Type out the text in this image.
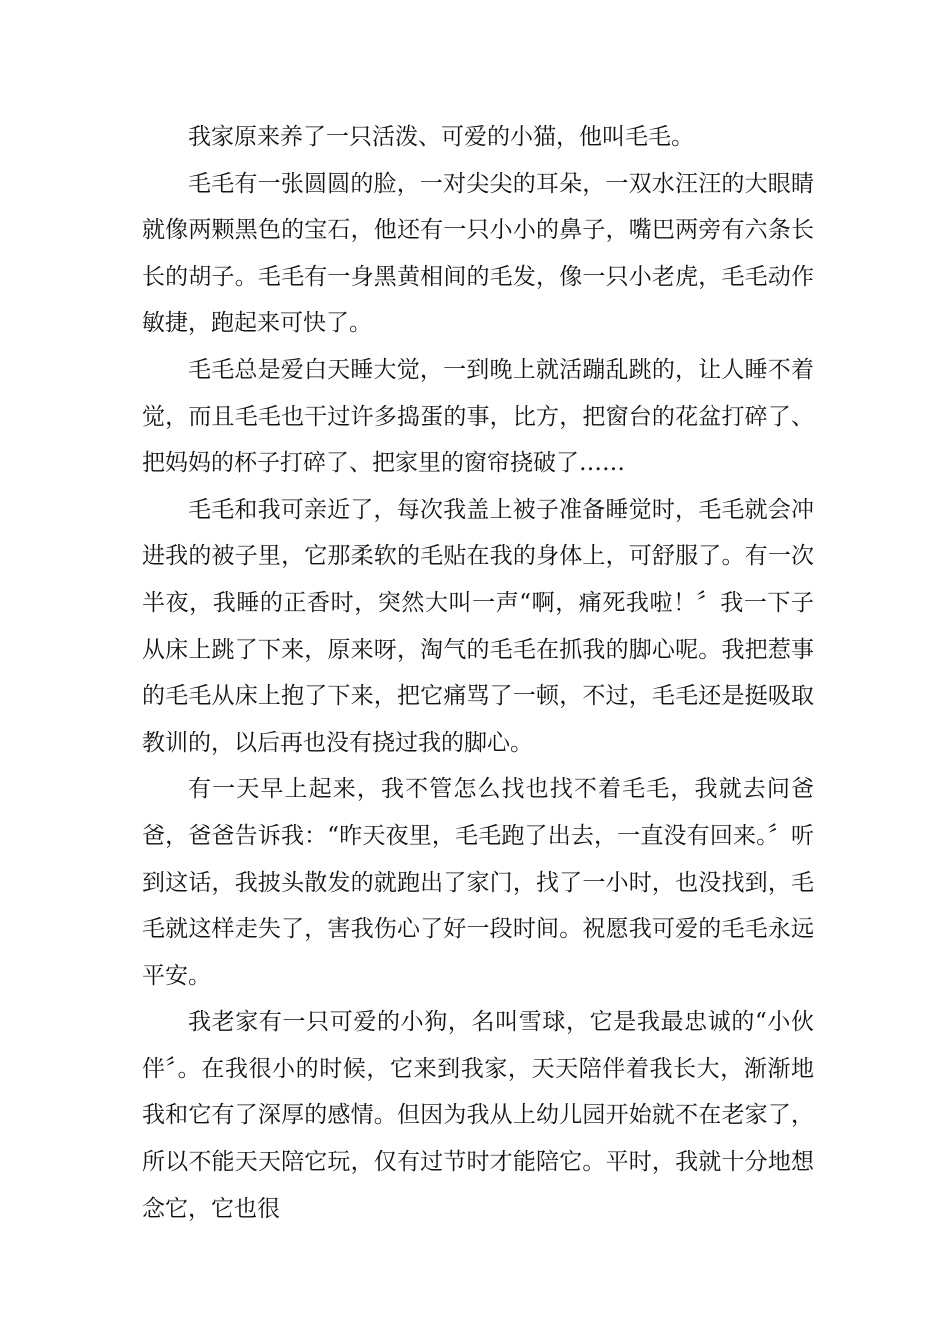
我家原来养了一只活泼、可爱的小猫，他叫毛毛。

毛毛有一张圆圆的脸，一对尖尖的耳朵，一双水汪汪的大眼睛就像两颗黑色的宝石，他还有一只小小的鼻子，嘴巴两旁有六条长长的胡子。毛毛有一身黑黄相间的毛发，像一只小老虎，毛毛动作敏捷，跑起来可快了。

毛毛总是爱白天睡大觉，一到晚上就活蹦乱跳的，让人睡不着觉，而且毛毛也干过许多捣蛋的事，比方，把窗台的花盆打碎了、把妈妈的杯子打碎了、把家里的窗帘挠破了……

毛毛和我可亲近了，每次我盖上被子准备睡觉时，毛毛就会冲进我的被子里，它那柔软的毛贴在我的身体上，可舒服了。有一次半夜，我睡的正香时，突然大叫一声“啊，痛死我啦！〞我一下子从床上跳了下来，原来呀，淘气的毛毛在抓我的脚心呢。我把惹事的毛毛从床上抱了下来，把它痛骂了一顿，不过，毛毛还是挺吸取教训的，以后再也没有挠过我的脚心。

有一天早上起来，我不管怎么找也找不着毛毛，我就去问爸爸，爸爸告诉我：“昨天夜里，毛毛跑了出去，一直没有回来。〞听到这话，我披头散发的就跑出了家门，找了一小时，也没找到，毛毛就这样走失了，害我伤心了好一段时间。祝愿我可爱的毛毛永远平安。

我老家有一只可爱的小狗，名叫雪球，它是我最忠诚的“小伙伴〞。在我很小的时候，它来到我家，天天陪伴着我长大，渐渐地我和它有了深厚的感情。但因为我从上幼儿园开始就不在老家了，所以不能天天陪它玩，仅有过节时才能陪它。平时，我就十分地想念它，它也很
